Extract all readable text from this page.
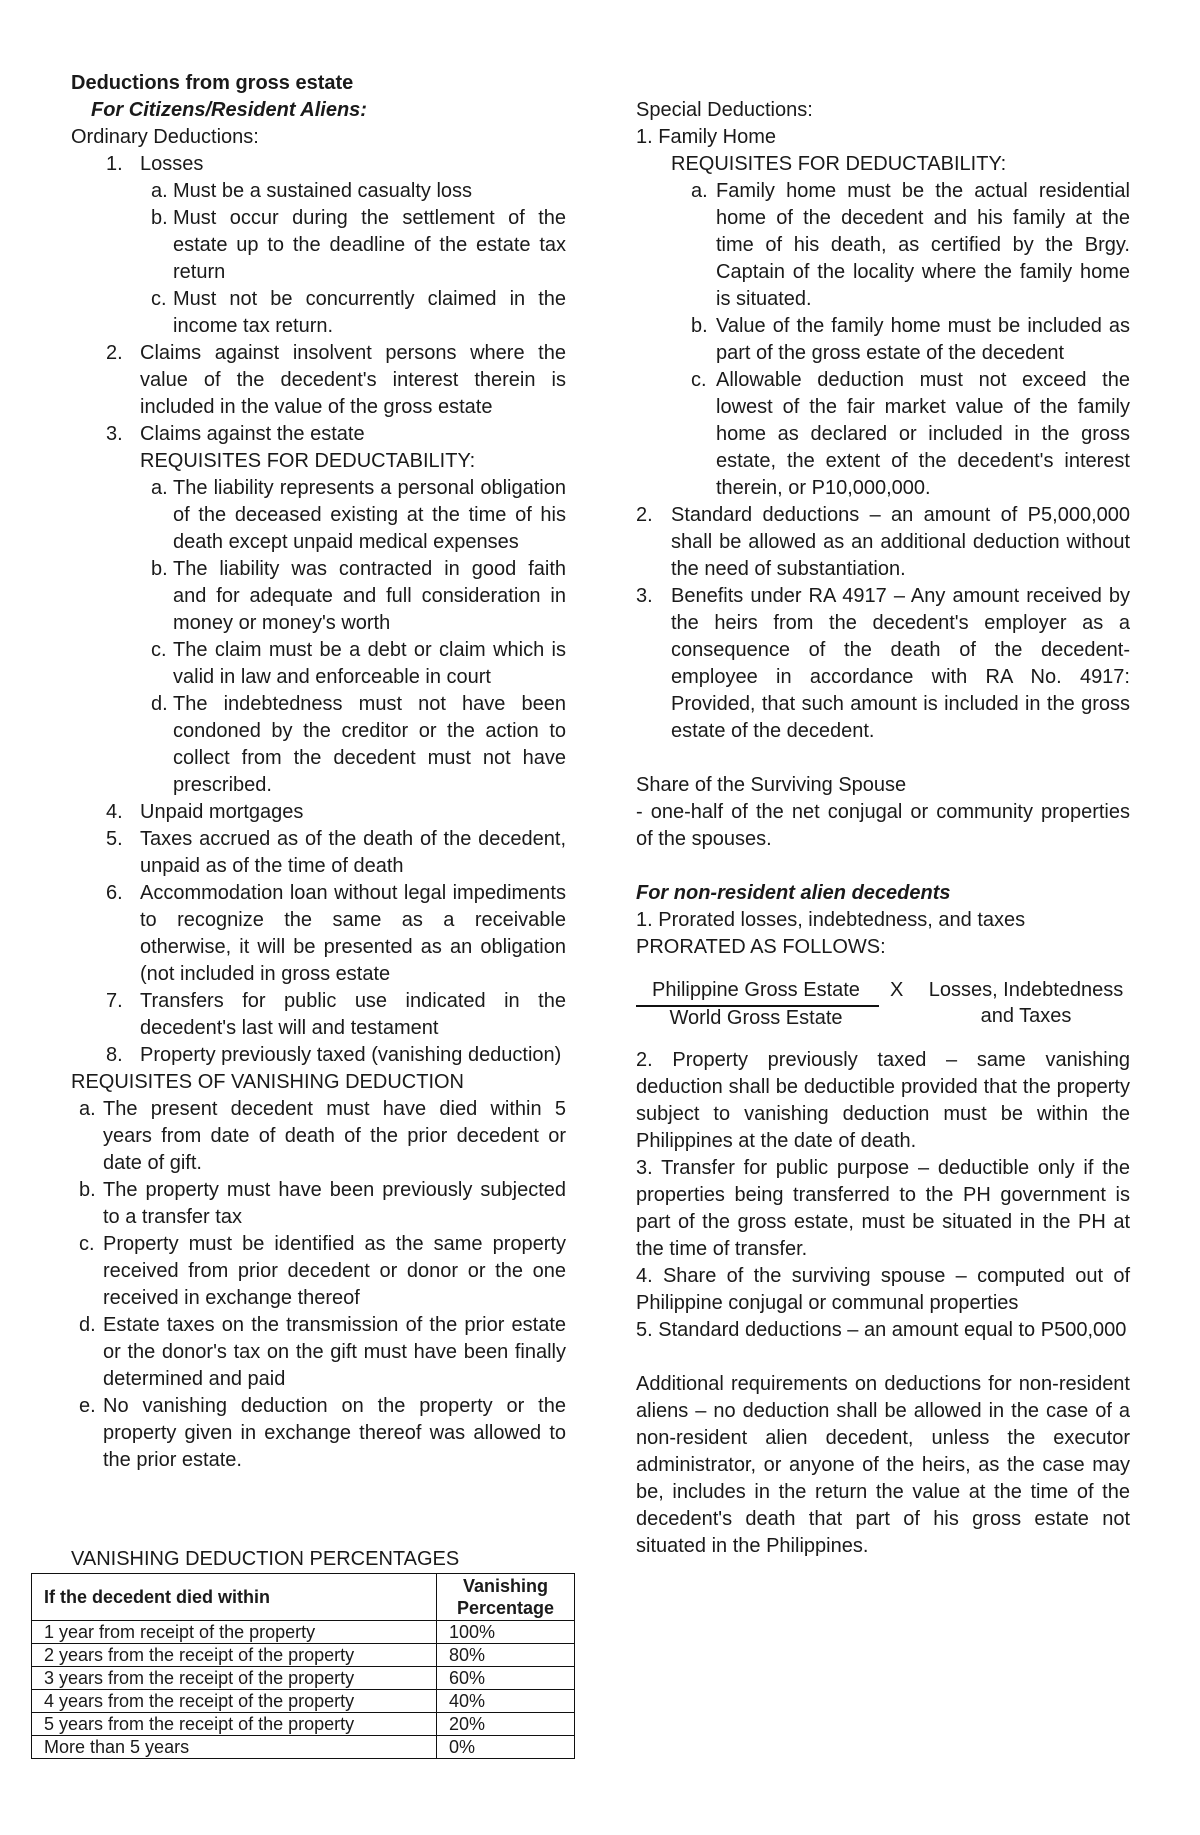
Deductions from gross estate

For Citizens/Resident Aliens:

Ordinary Deductions:

1. Losses
a. Must be a sustained casualty loss
b. Must occur during the settlement of the estate up to the deadline of the estate tax return
c. Must not be concurrently claimed in the income tax return.
2. Claims against insolvent persons where the value of the decedent's interest therein is included in the value of the gross estate
3. Claims against the estate

REQUISITES FOR DEDUCTABILITY:

a. The liability represents a personal obligation of the deceased existing at the time of his death except unpaid medical expenses
b. The liability was contracted in good faith and for adequate and full consideration in money or money's worth
c. The claim must be a debt or claim which is valid in law and enforceable in court
d. The indebtedness must not have been condoned by the creditor or the action to collect from the decedent must not have prescribed.
4. Unpaid mortgages
5. Taxes accrued as of the death of the decedent, unpaid as of the time of death
6. Accommodation loan without legal impediments to recognize the same as a receivable otherwise, it will be presented as an obligation (not included in gross estate
7. Transfers for public use indicated in the decedent's last will and testament
8. Property previously taxed (vanishing deduction)

REQUISITES OF VANISHING DEDUCTION

a. The present decedent must have died within 5 years from date of death of the prior decedent or date of gift.
b. The property must have been previously subjected to a transfer tax
c. Property must be identified as the same property received from prior decedent or donor or the one received in exchange thereof
d. Estate taxes on the transmission of the prior estate or the donor's tax on the gift must have been finally determined and paid
e. No vanishing deduction on the property or the property given in exchange thereof was allowed to the prior estate.

VANISHING DEDUCTION PERCENTAGES

If the decedent died within	Vanishing Percentage
1 year from receipt of the property	100%
2 years from the receipt of the property	80%
3 years from the receipt of the property	60%
4 years from the receipt of the property	40%
5 years from the receipt of the property	20%
More than 5 years	0%

Special Deductions:

1. Family Home

REQUISITES FOR DEDUCTABILITY:

a. Family home must be the actual residential home of the decedent and his family at the time of his death, as certified by the Brgy. Captain of the locality where the family home is situated.
b. Value of the family home must be included as part of the gross estate of the decedent
c. Allowable deduction must not exceed the lowest of the fair market value of the family home as declared or included in the gross estate, the extent of the decedent's interest therein, or P10,000,000.
2. Standard deductions – an amount of P5,000,000 shall be allowed as an additional deduction without the need of substantiation.
3. Benefits under RA 4917 – Any amount received by the heirs from the decedent's employer as a consequence of the death of the decedent-employee in accordance with RA No. 4917: Provided, that such amount is included in the gross estate of the decedent.

Share of the Surviving Spouse

- one-half of the net conjugal or community properties of the spouses.

For non-resident alien decedents

1. Prorated losses, indebtedness, and taxes

PRORATED AS FOLLOWS:

Philippine Gross Estate
World Gross Estate
X Losses, Indebtedness
and Taxes

2. Property previously taxed – same vanishing deduction shall be deductible provided that the property subject to vanishing deduction must be within the Philippines at the date of death.

3. Transfer for public purpose – deductible only if the properties being transferred to the PH government is part of the gross estate, must be situated in the PH at the time of transfer.

4. Share of the surviving spouse – computed out of Philippine conjugal or communal properties

5. Standard deductions – an amount equal to P500,000

Additional requirements on deductions for non-resident aliens – no deduction shall be allowed in the case of a non-resident alien decedent, unless the executor administrator, or anyone of the heirs, as the case may be, includes in the return the value at the time of the decedent's death that part of his gross estate not situated in the Philippines.
